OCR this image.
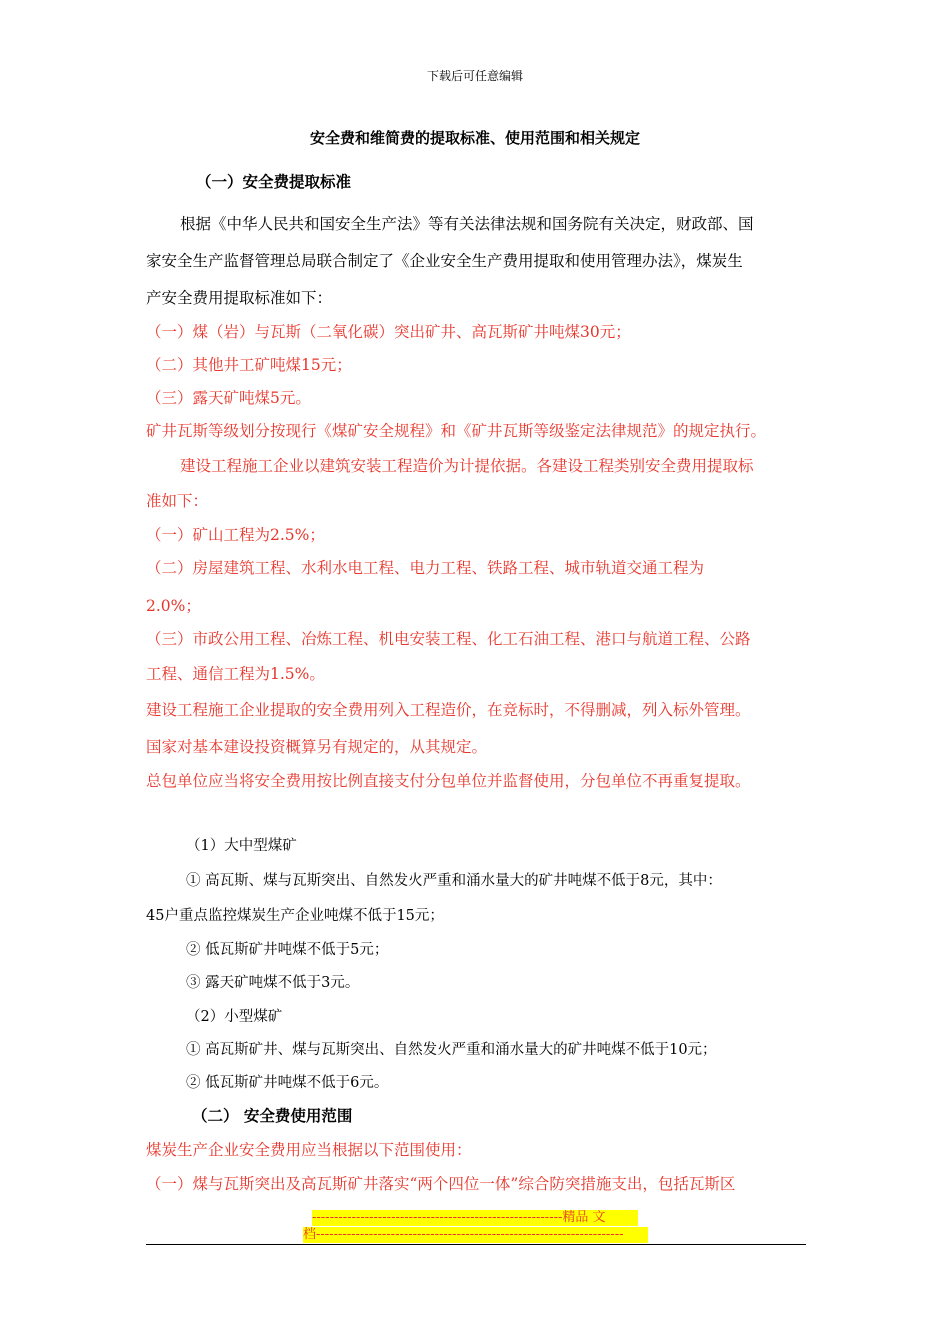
下载后可任意编辑
安全费和维简费的提取标准、使用范围和相关规定
（一）安全费提取标准
根据《中华人民共和国安全生产法》等有关法律法规和国务院有关决定，财政部、国
家安全生产监督管理总局联合制定了《企业安全生产费用提取和使用管理办法》，煤炭生
产安全费用提取标准如下：
（一）煤（岩）与瓦斯（二氧化碳）突出矿井、高瓦斯矿井吨煤30元；
（二）其他井工矿吨煤15元；
（三）露天矿吨煤5元。
矿井瓦斯等级划分按现行《煤矿安全规程》和《矿井瓦斯等级鉴定法律规范》的规定执行。
建设工程施工企业以建筑安装工程造价为计提依据。各建设工程类别安全费用提取标
准如下：
（一）矿山工程为2.5%；
（二）房屋建筑工程、水利水电工程、电力工程、铁路工程、城市轨道交通工程为
2.0%；
（三）市政公用工程、冶炼工程、机电安装工程、化工石油工程、港口与航道工程、公路
工程、通信工程为1.5%。
建设工程施工企业提取的安全费用列入工程造价，在竞标时，不得删减，列入标外管理。
国家对基本建设投资概算另有规定的，从其规定。
总包单位应当将安全费用按比例直接支付分包单位并监督使用，分包单位不再重复提取。
（1）大中型煤矿
① 高瓦斯、煤与瓦斯突出、自然发火严重和涌水量大的矿井吨煤不低于8元，其中：
45户重点监控煤炭生产企业吨煤不低于15元；
② 低瓦斯矿井吨煤不低于5元；
③ 露天矿吨煤不低于3元。
（2）小型煤矿
① 高瓦斯矿井、煤与瓦斯突出、自然发火严重和涌水量大的矿井吨煤不低于10元；
② 低瓦斯矿井吨煤不低于6元。
（二） 安全费使用范围
煤炭生产企业安全费用应当根据以下范围使用：
（一）煤与瓦斯突出及高瓦斯矿井落实“两个四位一体”综合防突措施支出，包括瓦斯区
---------------------------------------------------------精品 文
档----------------------------------------------------------------------
